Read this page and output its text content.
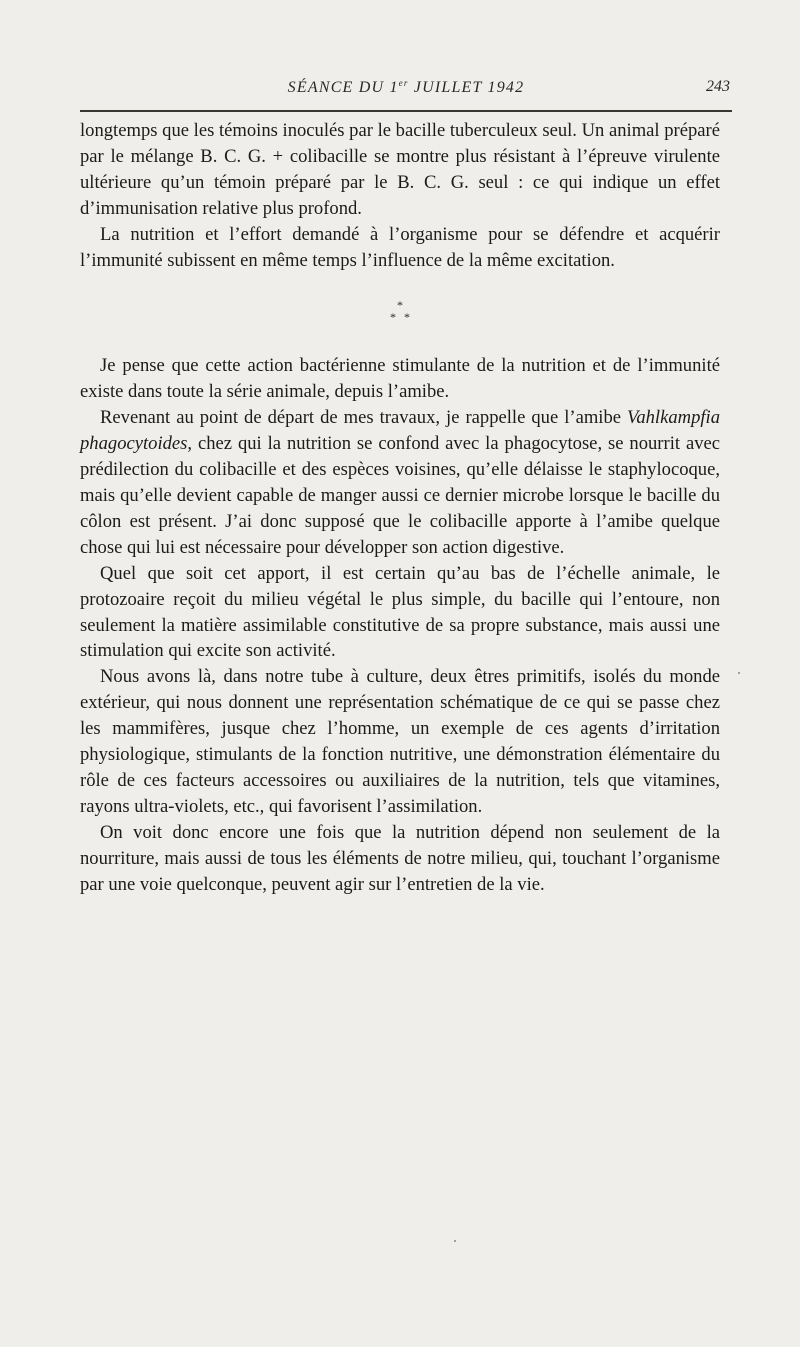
SÉANCE DU 1er JUILLET 1942	243

longtemps que les témoins inoculés par le bacille tuberculeux seul. Un animal préparé par le mélange B. C. G. + colibacille se montre plus résistant à l’épreuve virulente ultérieure qu’un témoin préparé par le B. C. G. seul : ce qui indique un effet d’immunisation relative plus profond.

La nutrition et l’effort demandé à l’organisme pour se défendre et acquérir l’immunité subissent en même temps l’influence de la même excitation.

*
**

Je pense que cette action bactérienne stimulante de la nutrition et de l’immunité existe dans toute la série animale, depuis l’amibe.

Revenant au point de départ de mes travaux, je rappelle que l’amibe Vahlkampfia phagocytoides, chez qui la nutrition se confond avec la phagocytose, se nourrit avec prédilection du colibacille et des espèces voisines, qu’elle délaisse le staphylocoque, mais qu’elle devient capable de manger aussi ce dernier microbe lorsque le bacille du côlon est présent. J’ai donc supposé que le colibacille apporte à l’amibe quelque chose qui lui est nécessaire pour développer son action digestive.

Quel que soit cet apport, il est certain qu’au bas de l’échelle animale, le protozoaire reçoit du milieu végétal le plus simple, du bacille qui l’entoure, non seulement la matière assimilable constitutive de sa propre substance, mais aussi une stimulation qui excite son activité.

Nous avons là, dans notre tube à culture, deux êtres primitifs, isolés du monde extérieur, qui nous donnent une représentation schématique de ce qui se passe chez les mammifères, jusque chez l’homme, un exemple de ces agents d’irritation physiologique, stimulants de la fonction nutritive, une démonstration élémentaire du rôle de ces facteurs accessoires ou auxiliaires de la nutrition, tels que vitamines, rayons ultra-violets, etc., qui favorisent l’assimilation.

On voit donc encore une fois que la nutrition dépend non seulement de la nourriture, mais aussi de tous les éléments de notre milieu, qui, touchant l’organisme par une voie quelconque, peuvent agir sur l’entretien de la vie.
